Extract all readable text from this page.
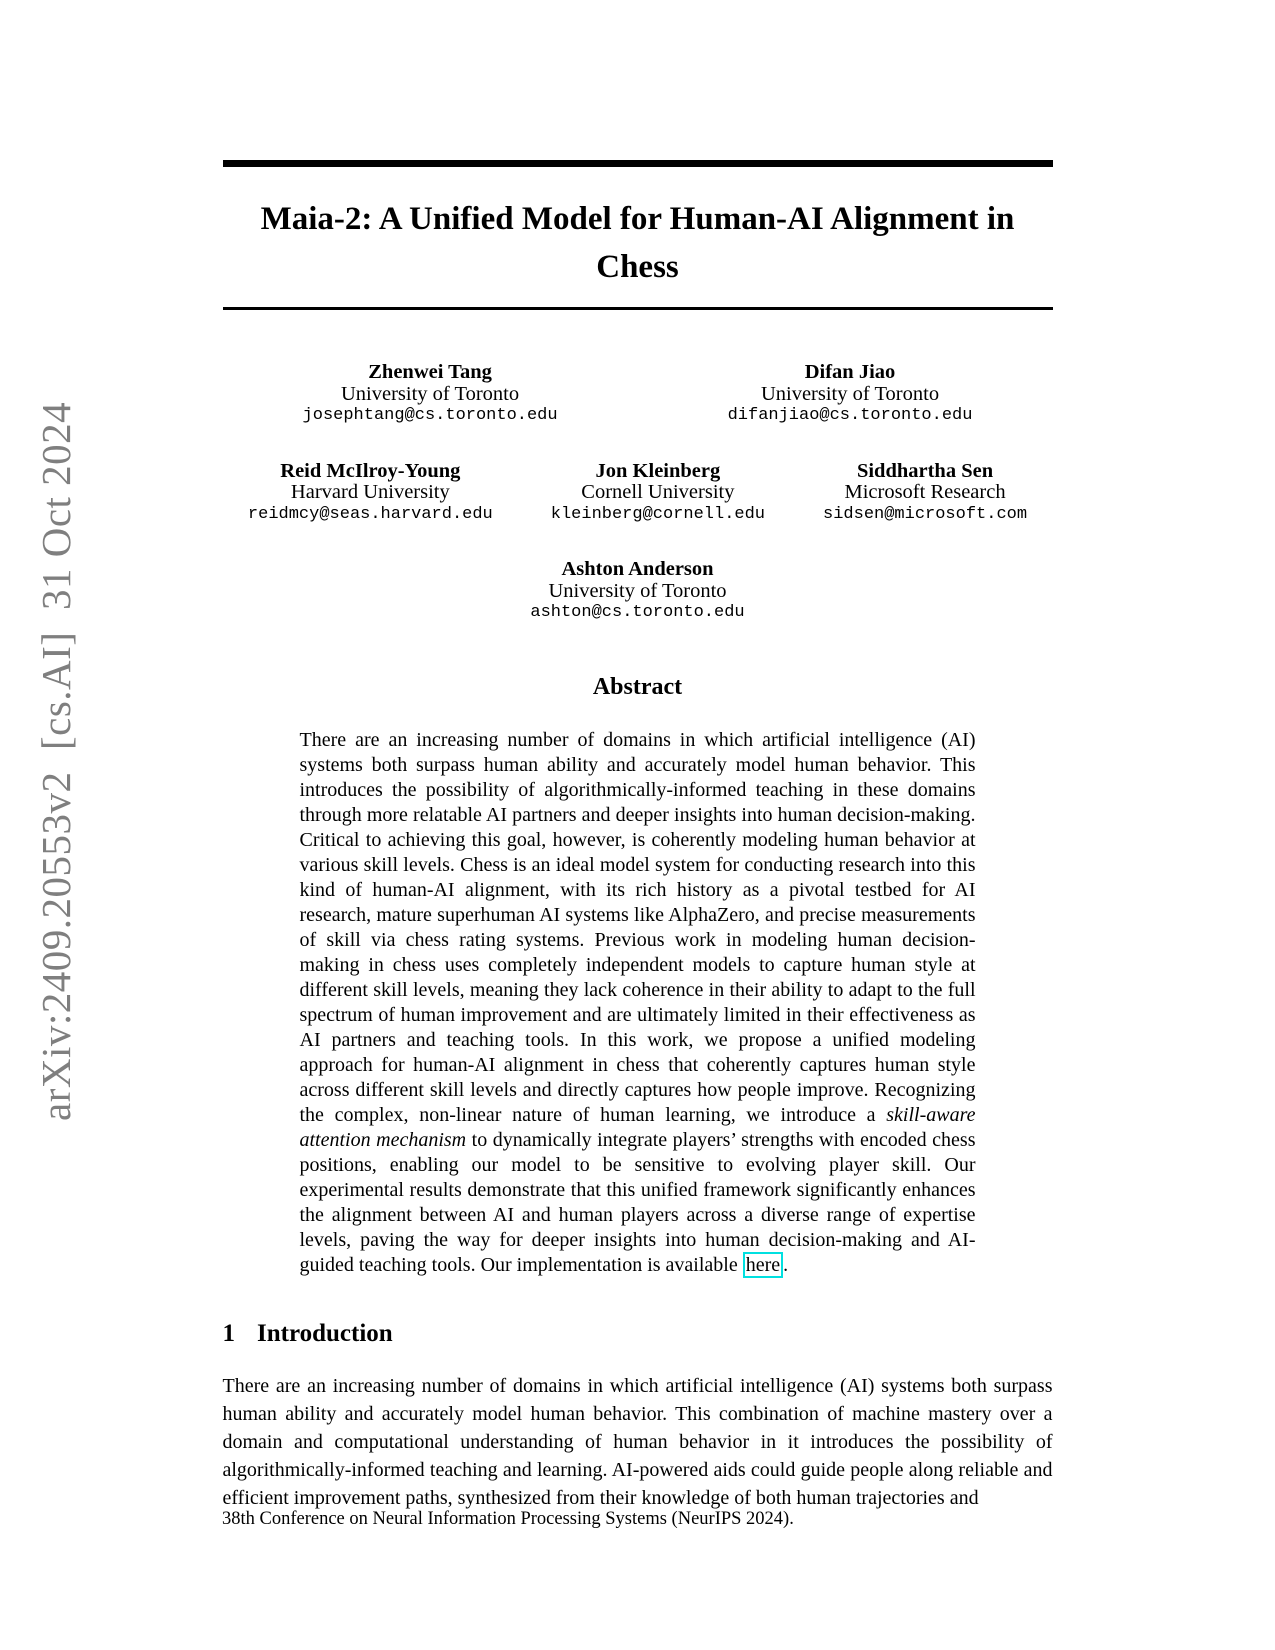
arXiv:2409.20553v2  [cs.AI]  31 Oct 2024
Maia-2: A Unified Model for Human-AI Alignment in
Chess
Zhenwei Tang
University of Toronto
josephtang@cs.toronto.edu
Difan Jiao
University of Toronto
difanjiao@cs.toronto.edu
Reid McIlroy-Young
Harvard University
reidmcy@seas.harvard.edu
Jon Kleinberg
Cornell University
kleinberg@cornell.edu
Siddhartha Sen
Microsoft Research
sidsen@microsoft.com
Ashton Anderson
University of Toronto
ashton@cs.toronto.edu
Abstract

There are an increasing number of domains in which artificial intelligence (AI) systems both surpass human ability and accurately model human behavior. This introduces the possibility of algorithmically-informed teaching in these domains through more relatable AI partners and deeper insights into human decision-making. Critical to achieving this goal, however, is coherently modeling human behavior at various skill levels. Chess is an ideal model system for conducting research into this kind of human-AI alignment, with its rich history as a pivotal testbed for AI research, mature superhuman AI systems like AlphaZero, and precise measurements of skill via chess rating systems. Previous work in modeling human decision-making in chess uses completely independent models to capture human style at different skill levels, meaning they lack coherence in their ability to adapt to the full spectrum of human improvement and are ultimately limited in their effectiveness as AI partners and teaching tools. In this work, we propose a unified modeling approach for human-AI alignment in chess that coherently captures human style across different skill levels and directly captures how people improve. Recognizing the complex, non-linear nature of human learning, we introduce a skill-aware attention mechanism to dynamically integrate players’ strengths with encoded chess positions, enabling our model to be sensitive to evolving player skill. Our experimental results demonstrate that this unified framework significantly enhances the alignment between AI and human players across a diverse range of expertise levels, paving the way for deeper insights into human decision-making and AI-guided teaching tools. Our implementation is available here .

1 Introduction

There are an increasing number of domains in which artificial intelligence (AI) systems both surpass human ability and accurately model human behavior. This combination of machine mastery over a domain and computational understanding of human behavior in it introduces the possibility of algorithmically-informed teaching and learning. AI-powered aids could guide people along reliable and efficient improvement paths, synthesized from their knowledge of both human trajectories and

38th Conference on Neural Information Processing Systems (NeurIPS 2024).
